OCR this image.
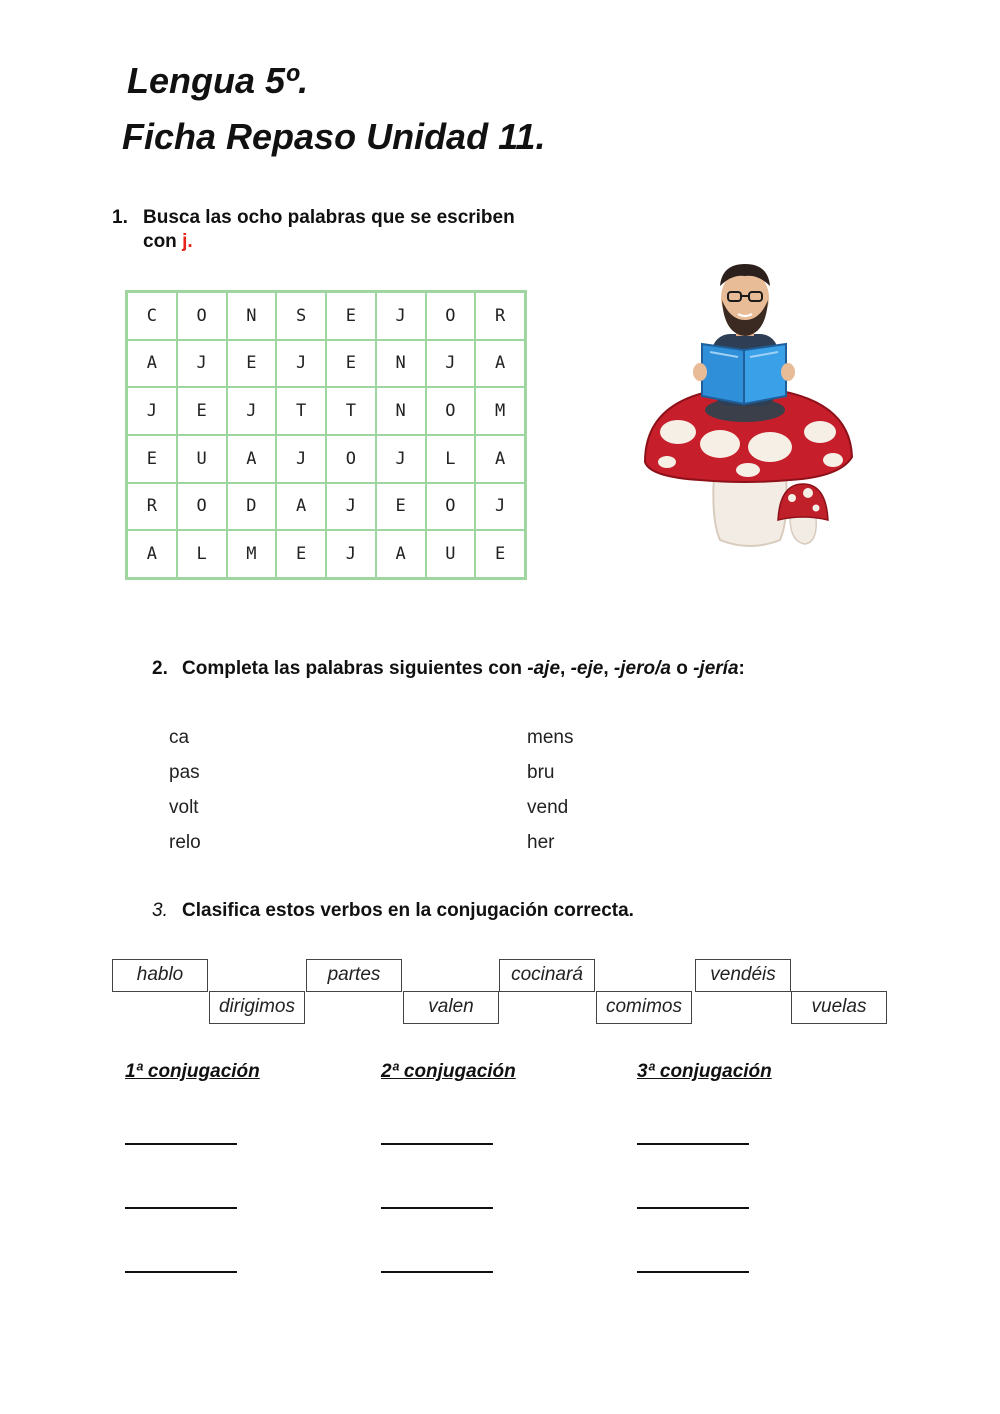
Lengua 5º.
Ficha Repaso Unidad 11.
1. Busca las ocho palabras que se escriben
con j.
C	O	N	S	E	J	O	R
A	J	E	J	E	N	J	A
J	E	J	T	T	N	O	M
E	U	A	J	O	J	L	A
R	O	D	A	J	E	O	J
A	L	M	E	J	A	U	E
2. Completa las palabras siguientes con -aje, -eje, -jero/a o -jería:
ca
pas
volt
relo
mens
bru
vend
her
3. Clasifica estos verbos en la conjugación correcta.
hablo	partes	cocinará	vendéis
dirigimos	valen	comimos	vuelas
1ª conjugación	2ª conjugación	3ª conjugación
